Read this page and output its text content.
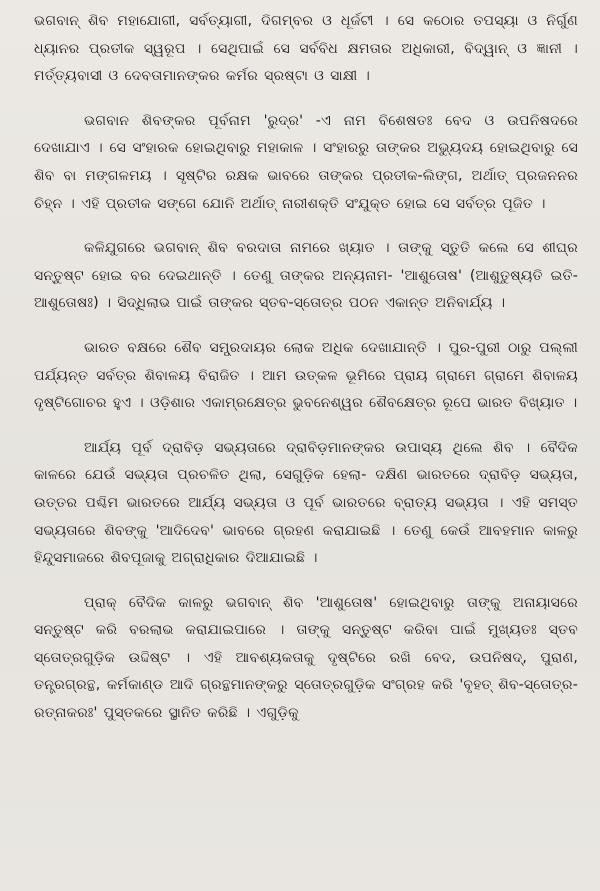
ଭଗବାନ୍ ଶିବ ମହାଯୋଗୀ, ସର୍ବତ୍ୟାଗୀ, ଦିଗମ୍ବର ଓ ଧୂର୍ଜଟୀ । ସେ କଠୋର ତପସ୍ୟା ଓ ନିର୍ଗୁଣ ଧ୍ୟାନର ପ୍ରତୀକ ସ୍ୱରୂପ । ସେଥିପାଇଁ ସେ ସର୍ବବିଧ କ୍ଷମତାର ଅଧିକାରୀ, ବିଦ୍ୱାନ୍ ଓ ଜ୍ଞାନୀ । ମର୍ତ୍ତ୍ୟବାସୀ ଓ ଦେବତାମାନଙ୍କର କର୍ମର ସ୍ରଷ୍ଟା ଓ ସାକ୍ଷୀ ।

ଭଗବାନ ଶିବଙ୍କର ପୂର୍ବନାମ 'ରୁଦ୍ର' -ଏ ନାମ ବିଶେଷତଃ ବେଦ ଓ ଉପନିଷଦରେ ଦେଖାଯାଏ । ସେ ସଂହାରକ ହୋଇଥିବାରୁ ମହାକାଳ । ସଂହାରରୁ ତାଙ୍କର ଅଭ୍ୟୁଦୟ ହୋଇଥିବାରୁ ସେ ଶିବ ବା ମଙ୍ଗଳମୟ । ସୃଷ୍ଟିର ରକ୍ଷକ ଭାବରେ ତାଙ୍କର ପ୍ରତୀକ-ଲିଙ୍ଗ, ଅର୍ଥାତ୍ ପ୍ରଜନନର ଚିହ୍ନ । ଏହି ପ୍ରତୀକ ସଙ୍ଗେ ଯୋନି ଅର୍ଥାତ୍ ନାରୀଶକ୍ତି ସଂଯୁକ୍ତ ହୋଇ ସେ ସର୍ବତ୍ର ପୂଜିତ ।

କଳିଯୁଗରେ ଭଗବାନ୍ ଶିବ ବରଦାତା ନାମରେ ଖ୍ୟାତ । ତାଙ୍କୁ ସ୍ତୁତି କଲେ ସେ ଶୀଘ୍ର ସନ୍ତୁଷ୍ଟ ହୋଇ ବର ଦେଇଥାନ୍ତି । ତେଣୁ ତାଙ୍କର ଅନ୍ୟନାମ- 'ଆଶୁତୋଷ' (ଆଶୁତୁଷ୍ୟତି ଇତି- ଆଶୁତୋଷଃ) । ସିଦ୍ଧିଲାଭ ପାଇଁ ତାଙ୍କର ସ୍ତବ-ସ୍ତୋତ୍ର ପଠନ ଏକାନ୍ତ ଅନିବାର୍ଯ୍ୟ ।

ଭାରତ ବକ୍ଷରେ ଶୈବ ସମ୍ପ୍ରଦାୟର ଲୋକ ଅଧିକ ଦେଖାଯାନ୍ତି । ପୁର-ପୁରୀ ଠାରୁ ପଲ୍ଲୀ ପର୍ଯ୍ୟନ୍ତ ସର୍ବତ୍ର ଶିବାଳୟ ବିରାଜିତ । ଆମ ଉତ୍କଳ ଭୂମିରେ ପ୍ରାୟ ଗ୍ରାମେ ଗ୍ରାମେ ଶିବାଳୟ ଦୃଷ୍ଟିଗୋଚର ହୁଏ । ଓଡ଼ିଶାର ଏକାମ୍ରକ୍ଷେତ୍ର ଭୁବନେଶ୍ୱର ଶୈବକ୍ଷେତ୍ର ରୂପେ ଭାରତ ବିଖ୍ୟାତ ।

ଆର୍ଯ୍ୟ ପୂର୍ବ ଦ୍ରାବିଡ଼ ସଭ୍ୟତାରେ ଦ୍ରାବିଡ଼ମାନଙ୍କର ଉପାସ୍ୟ ଥିଲେ ଶିବ । ବୈଦିକ କାଳରେ ଯେଉଁ ସଭ୍ୟତା ପ୍ରଚଳିତ ଥିଲା, ସେଗୁଡ଼ିକ ହେଲା- ଦକ୍ଷିଣ ଭାରତରେ ଦ୍ରାବିଡ଼ ସଭ୍ୟତା, ଉତ୍ତର ପଶ୍ଚିମ ଭାରତରେ ଆର୍ଯ୍ୟ ସଭ୍ୟତା ଓ ପୂର୍ବ ଭାରତରେ ବ୍ରାତ୍ୟ ସଭ୍ୟତା । ଏହି ସମସ୍ତ ସଭ୍ୟତାରେ ଶିବଙ୍କୁ 'ଆଦିଦେବ' ଭାବରେ ଗ୍ରହଣ କରାଯାଇଛି । ତେଣୁ କେଉଁ ଆବହମାନ କାଳରୁ ହିନ୍ଦୁସମାଜରେ ଶିବପୂଜାକୁ ଅଗ୍ରାଧିକାର ଦିଆଯାଇଛି ।

ପ୍ରାକ୍ ବୈଦିକ କାଳରୁ ଭଗବାନ୍ ଶିବ 'ଆଶୁତୋଷ' ହୋଇଥିବାରୁ ତାଙ୍କୁ ଅନାୟାସରେ ସନ୍ତୁଷ୍ଟ କରି ବରଲାଭ କରାଯାଇପାରେ । ତାଙ୍କୁ ସନ୍ତୁଷ୍ଟ କରିବା ପାଇଁ ମୁଖ୍ୟତଃ ସ୍ତବ ସ୍ତୋତ୍ରଗୁଡ଼ିକ ଉଦ୍ଦିଷ୍ଟ । ଏହି ଆବଶ୍ୟକତାକୁ ଦୃଷ୍ଟିରେ ରଖି ବେଦ, ଉପନିଷଦ୍, ପୁରାଣ, ତନ୍ତ୍ରଗ୍ରନ୍ଥ, କର୍ମକାଣ୍ଡ ଆଦି ଗ୍ରନ୍ଥମାନଙ୍କରୁ ସ୍ତୋତ୍ରଗୁଡ଼ିକ ସଂଗ୍ରହ କରି 'ବୃହତ୍ ଶିବ-ସ୍ତୋତ୍ର-ରତ୍ନାକରଃ' ପୁସ୍ତକରେ ସ୍ଥାନିତ କରିଛି । ଏଗୁଡ଼ିକୁ
